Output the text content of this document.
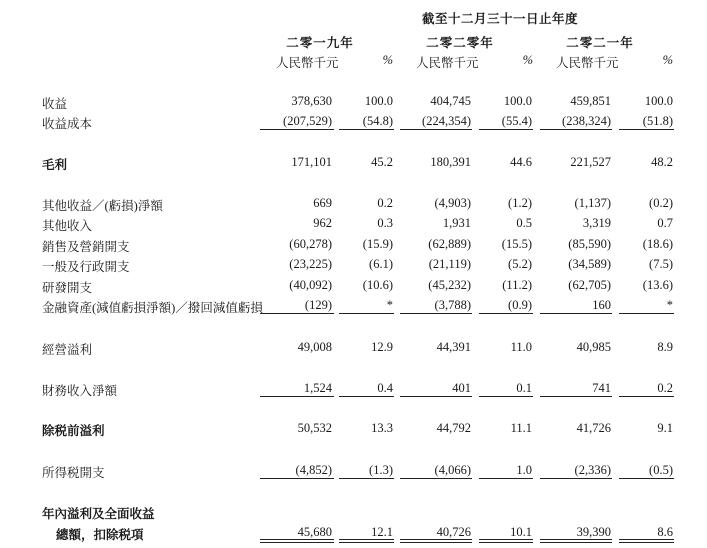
截至十二月三十一日止年度
二零一九年	二零二零年	二零二一年
人民幣千元	% 人民幣千元	% 人民幣千元	%
收益	378,630	100.0	404,745	100.0	459,851	100.0
收益成本	(207,529)	(54.8)	(224,354)	(55.4)	(238,324)	(51.8)
毛利	171,101	45.2	180,391	44.6	221,527	48.2
其他收益／(虧損)淨額	669	0.2	(4,903)	(1.2)	(1,137)	(0.2)
其他收入	962	0.3	1,931	0.5	3,319	0.7
銷售及營銷開支	(60,278)	(15.9)	(62,889)	(15.5)	(85,590)	(18.6)
一般及行政開支	(23,225)	(6.1)	(21,119)	(5.2)	(34,589)	(7.5)
研發開支	(40,092)	(10.6)	(45,232)	(11.2)	(62,705)	(13.6)
金融資產(減值虧損淨額)／撥回減值虧損	(129)	*	(3,788)	(0.9)	160	*
經營溢利	49,008	12.9	44,391	11.0	40,985	8.9
財務收入淨額	1,524	0.4	401	0.1	741	0.2
除税前溢利	50,532	13.3	44,792	11.1	41,726	9.1
所得税開支	(4,852)	(1.3)	(4,066)	1.0	(2,336)	(0.5)
年內溢利及全面收益
總額，扣除税項	45,680	12.1	40,726	10.1	39,390	8.6
